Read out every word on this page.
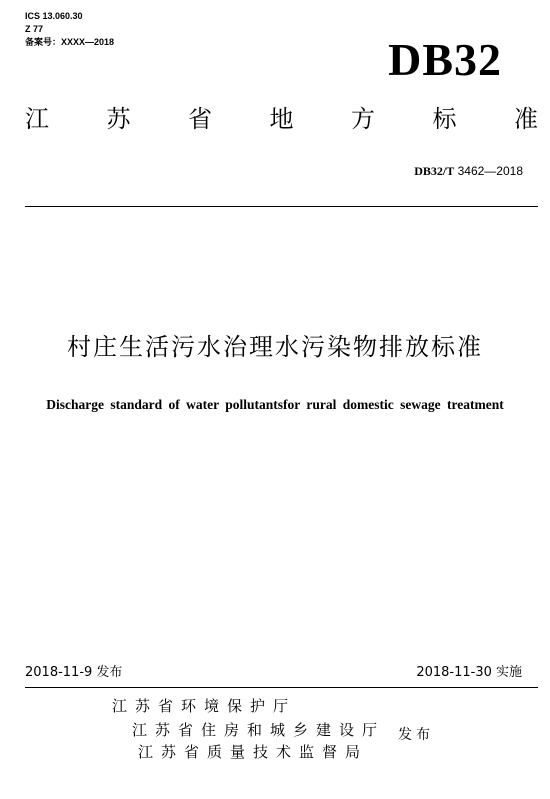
ICS 13.060.30
Z 77
备案号：XXXX—2018	DB32
江 苏 省 地 方 标 准
DB32/T 3462—2018
村庄生活污水治理水污染物排放标准
Discharge standard of water pollutantsfor rural domestic sewage treatment
2018-11-9 发布	2018-11-30 实施
江苏省环境保护厅
江苏省住房和城乡建设厅
江苏省质量技术监督局
发布
